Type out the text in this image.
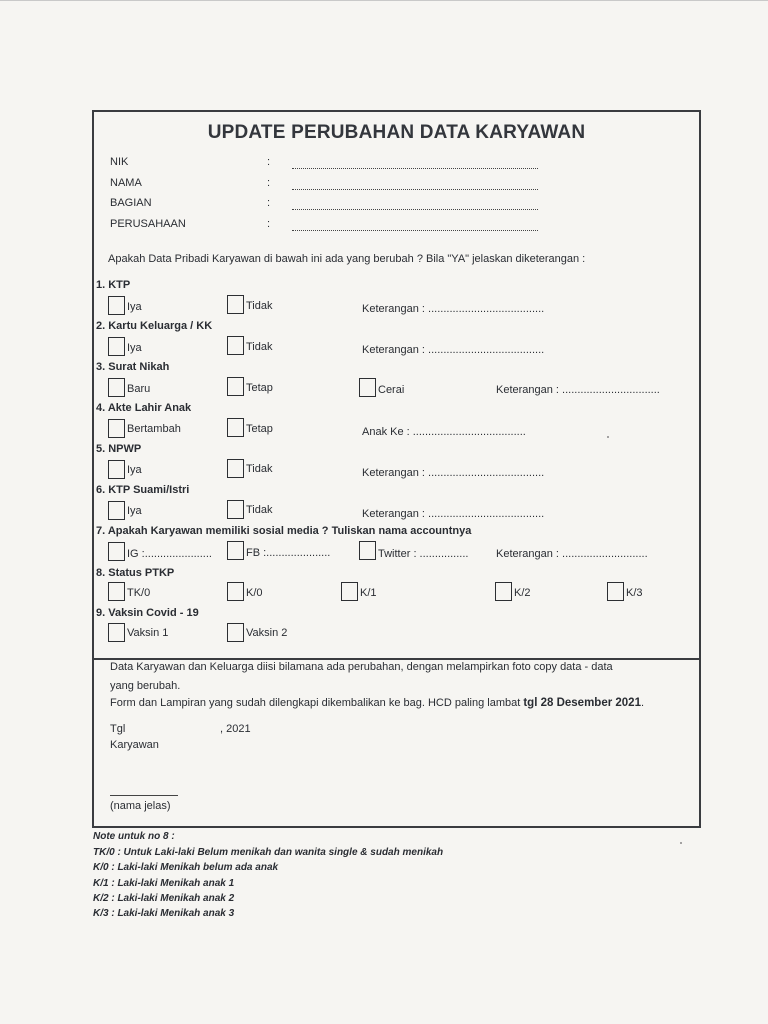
UPDATE PERUBAHAN DATA KARYAWAN
NIK	:
NAMA	:
BAGIAN	:
PERUSAHAAN	:
Apakah Data Pribadi Karyawan di bawah ini ada yang berubah ? Bila "YA" jelaskan diketerangan :
1. KTP
Iya	Tidak	Keterangan : ......................................
2. Kartu Keluarga / KK
Iya	Tidak	Keterangan : ......................................
3. Surat Nikah
Baru	Tetap	Cerai	Keterangan : ................................
4. Akte Lahir Anak
Bertambah	Tetap	Anak Ke : .....................................
5. NPWP
Iya	Tidak	Keterangan : ......................................
6. KTP Suami/Istri
Iya	Tidak	Keterangan : ......................................
7. Apakah Karyawan memiliki sosial media ? Tuliskan nama accountnya
IG :......................	FB :.....................	Twitter : ................	Keterangan : ............................
8. Status PTKP
TK/0	K/0	K/1	K/2	K/3
9. Vaksin Covid - 19
Vaksin 1	Vaksin 2
Data Karyawan dan Keluarga diisi bilamana ada perubahan, dengan melampirkan foto copy data - data
yang berubah.
Form dan Lampiran yang sudah dilengkapi dikembalikan ke bag. HCD paling lambat tgl 28 Desember 2021.
Tgl	, 2021
Karyawan
(nama jelas)
Note untuk no 8 :
TK/0 : Untuk Laki-laki Belum menikah dan wanita single & sudah menikah
K/0 : Laki-laki Menikah belum ada anak
K/1 : Laki-laki Menikah anak 1
K/2 : Laki-laki Menikah anak 2
K/3 : Laki-laki Menikah anak 3
